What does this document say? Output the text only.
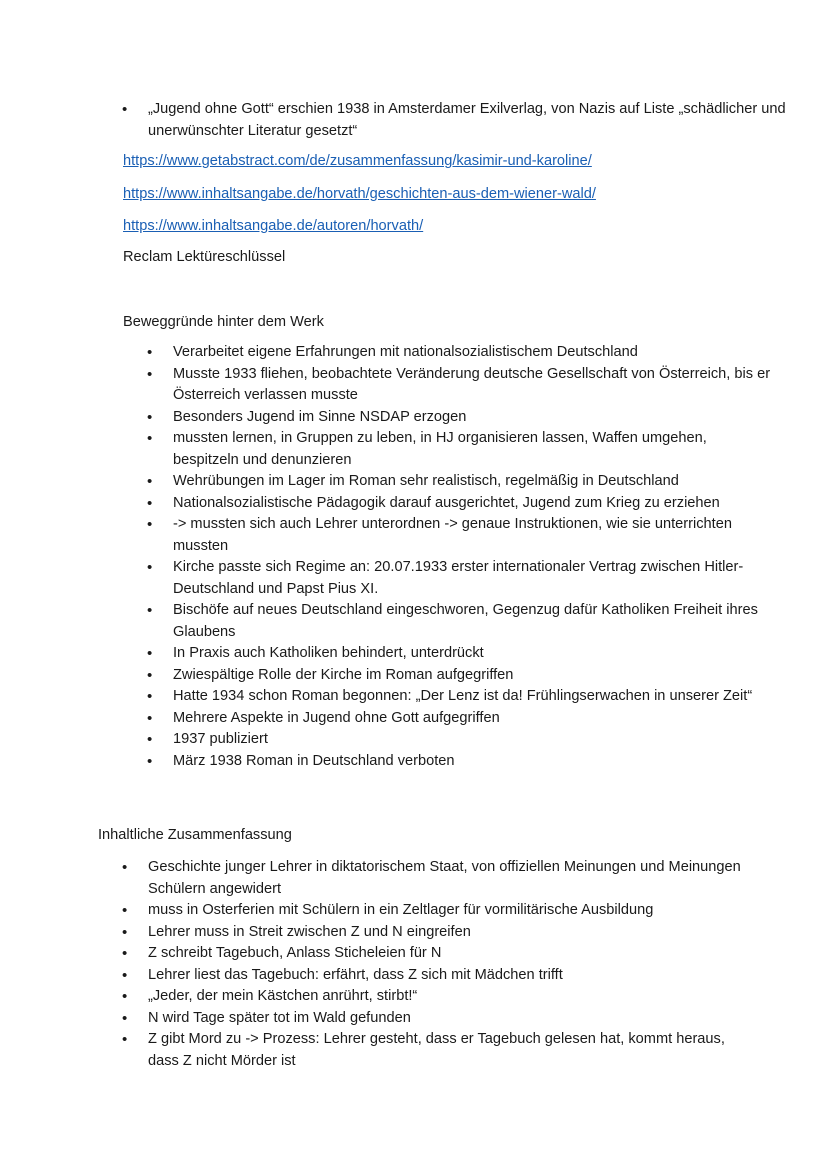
• „Jugend ohne Gott“ erschien 1938 in Amsterdamer Exilverlag, von Nazis auf Liste „schädlicher und unerwünschter Literatur gesetzt“
https://www.getabstract.com/de/zusammenfassung/kasimir-und-karoline/
https://www.inhaltsangabe.de/horvath/geschichten-aus-dem-wiener-wald/
https://www.inhaltsangabe.de/autoren/horvath/
Reclam Lektüreschlüssel
Beweggründe hinter dem Werk
• Verarbeitet eigene Erfahrungen mit nationalsozialistischem Deutschland
• Musste 1933 fliehen, beobachtete Veränderung deutsche Gesellschaft von Österreich, bis er Österreich verlassen musste
• Besonders Jugend im Sinne NSDAP erzogen
• mussten lernen, in Gruppen zu leben, in HJ organisieren lassen, Waffen umgehen, bespitzeln und denunzieren
• Wehrübungen im Lager im Roman sehr realistisch, regelmäßig in Deutschland
• Nationalsozialistische Pädagogik darauf ausgerichtet, Jugend zum Krieg zu erziehen
• -> mussten sich auch Lehrer unterordnen -> genaue Instruktionen, wie sie unterrichten mussten
• Kirche passte sich Regime an: 20.07.1933 erster internationaler Vertrag zwischen Hitler-Deutschland und Papst Pius XI.
• Bischöfe auf neues Deutschland eingeschworen, Gegenzug dafür Katholiken Freiheit ihres Glaubens
• In Praxis auch Katholiken behindert, unterdrückt
• Zwiespältige Rolle der Kirche im Roman aufgegriffen
• Hatte 1934 schon Roman begonnen: „Der Lenz ist da! Frühlingserwachen in unserer Zeit“
• Mehrere Aspekte in Jugend ohne Gott aufgegriffen
• 1937 publiziert
• März 1938 Roman in Deutschland verboten
Inhaltliche Zusammenfassung
• Geschichte junger Lehrer in diktatorischem Staat, von offiziellen Meinungen und Meinungen Schülern angewidert
• muss in Osterferien mit Schülern in ein Zeltlager für vormilitärische Ausbildung
• Lehrer muss in Streit zwischen Z und N eingreifen
• Z schreibt Tagebuch, Anlass Sticheleien für N
• Lehrer liest das Tagebuch: erfährt, dass Z sich mit Mädchen trifft
• „Jeder, der mein Kästchen anrührt, stirbt!“
• N wird Tage später tot im Wald gefunden
• Z gibt Mord zu -> Prozess: Lehrer gesteht, dass er Tagebuch gelesen hat, kommt heraus, dass Z nicht Mörder ist
